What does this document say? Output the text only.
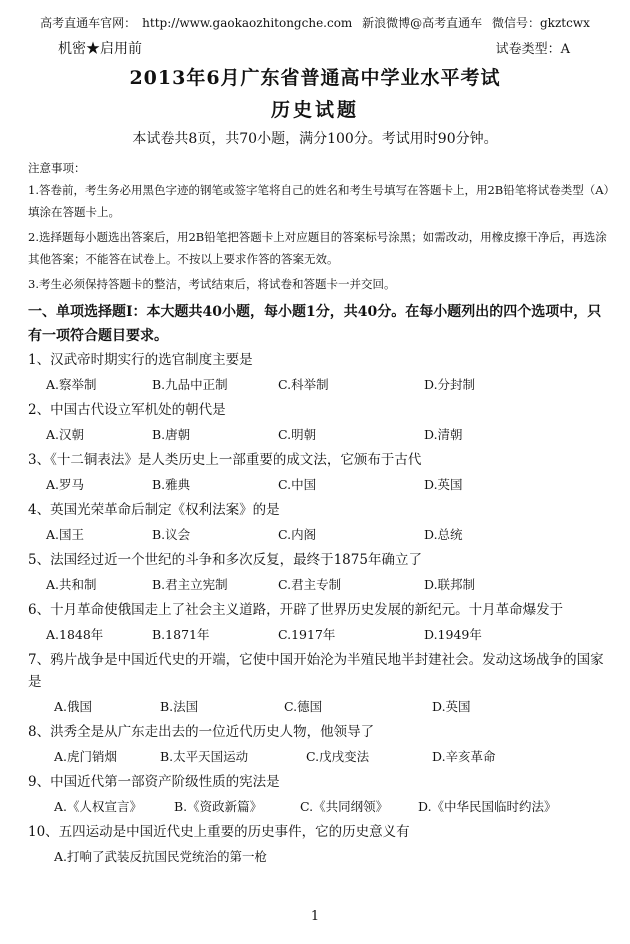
高考直通车官网： http://www.gaokaozhitongche.com 新浪微博@高考直通车 微信号：gkztcwx
机密★启用前	试卷类型：A
2013年6月广东省普通高中学业水平考试
历史试题
本试卷共8页，共70小题，满分100分。考试用时90分钟。

注意事项：

1.答卷前，考生务必用黑色字迹的钢笔或签字笔将自己的姓名和考生号填写在答题卡上，用2B铅笔将试卷类型（A）填涂在答题卡上。

2.选择题每小题选出答案后，用2B铅笔把答题卡上对应题目的答案标号涂黑；如需改动，用橡皮擦干净后，再选涂其他答案；不能答在试卷上。不按以上要求作答的答案无效。

3.考生必须保持答题卡的整洁，考试结束后，将试卷和答题卡一并交回。

一、单项选择题Ⅰ：本大题共40小题，每小题1分，共40分。在每小题列出的四个选项中，只有一项符合题目要求。

1、汉武帝时期实行的选官制度主要是

A.察举制	B.九品中正制	C.科举制	D.分封制

2、中国古代设立军机处的朝代是

A.汉朝	B.唐朝	C.明朝	D.清朝

3、《十二铜表法》是人类历史上一部重要的成文法，它颁布于古代

A.罗马	B.雅典	C.中国	D.英国

4、英国光荣革命后制定《权利法案》的是

A.国王	B.议会	C.内阁	D.总统

5、法国经过近一个世纪的斗争和多次反复，最终于1875年确立了

A.共和制	B.君主立宪制	C.君主专制	D.联邦制

6、十月革命使俄国走上了社会主义道路，开辟了世界历史发展的新纪元。十月革命爆发于

A.1848年	B.1871年	C.1917年	D.1949年

7、鸦片战争是中国近代史的开端，它使中国开始沦为半殖民地半封建社会。发动这场战争的国家是

A.俄国	B.法国	C.德国	D.英国

8、洪秀全是从广东走出去的一位近代历史人物，他领导了

A.虎门销烟	B.太平天国运动	C.戊戌变法	D.辛亥革命

9、中国近代第一部资产阶级性质的宪法是

A.《人权宣言》	B.《资政新篇》	C.《共同纲领》 D.《中华民国临时约法》

10、五四运动是中国近代史上重要的历史事件，它的历史意义有

A.打响了武装反抗国民党统治的第一枪
1
